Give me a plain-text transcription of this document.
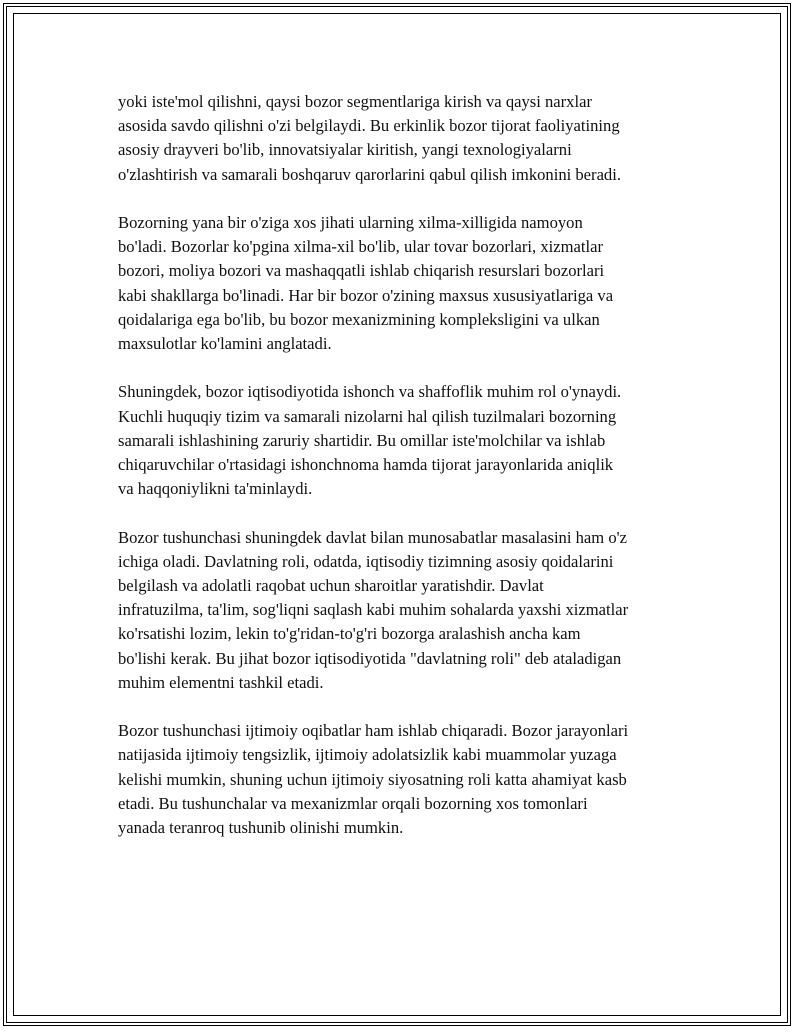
yoki iste'mol qilishni, qaysi bozor segmentlariga kirish va qaysi narxlar
asosida savdo qilishni o'zi belgilaydi. Bu erkinlik bozor tijorat faoliyatining
asosiy drayveri bo'lib, innovatsiyalar kiritish, yangi texnologiyalarni
o'zlashtirish va samarali boshqaruv qarorlarini qabul qilish imkonini beradi.

Bozorning yana bir o'ziga xos jihati ularning xilma-xilligida namoyon
bo'ladi. Bozorlar ko'pgina xilma-xil bo'lib, ular tovar bozorlari, xizmatlar
bozori, moliya bozori va mashaqqatli ishlab chiqarish resurslari bozorlari
kabi shakllarga bo'linadi. Har bir bozor o'zining maxsus xususiyatlariga va
qoidalariga ega bo'lib, bu bozor mexanizmining kompleksligini va ulkan
maxsulotlar ko'lamini anglatadi.

Shuningdek, bozor iqtisodiyotida ishonch va shaffoflik muhim rol o'ynaydi.
Kuchli huquqiy tizim va samarali nizolarni hal qilish tuzilmalari bozorning
samarali ishlashining zaruriy shartidir. Bu omillar iste'molchilar va ishlab
chiqaruvchilar o'rtasidagi ishonchnoma hamda tijorat jarayonlarida aniqlik
va haqqoniylikni ta'minlaydi.

Bozor tushunchasi shuningdek davlat bilan munosabatlar masalasini ham o'z
ichiga oladi. Davlatning roli, odatda, iqtisodiy tizimning asosiy qoidalarini
belgilash va adolatli raqobat uchun sharoitlar yaratishdir. Davlat
infratuzilma, ta'lim, sog'liqni saqlash kabi muhim sohalarda yaxshi xizmatlar
ko'rsatishi lozim, lekin to'g'ridan-to'g'ri bozorga aralashish ancha kam
bo'lishi kerak. Bu jihat bozor iqtisodiyotida "davlatning roli" deb ataladigan
muhim elementni tashkil etadi.

Bozor tushunchasi ijtimoiy oqibatlar ham ishlab chiqaradi. Bozor jarayonlari
natijasida ijtimoiy tengsizlik, ijtimoiy adolatsizlik kabi muammolar yuzaga
kelishi mumkin, shuning uchun ijtimoiy siyosatning roli katta ahamiyat kasb
etadi. Bu tushunchalar va mexanizmlar orqali bozorning xos tomonlari
yanada teranroq tushunib olinishi mumkin.
